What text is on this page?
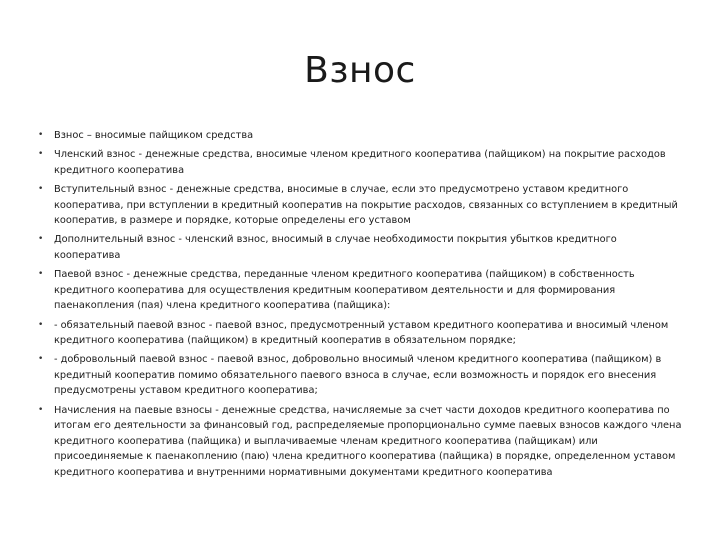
Взнос
• Взнос – вносимые пайщиком средства
• Членский взнос - денежные средства, вносимые членом кредитного кооператива (пайщиком) на покрытие расходов кредитного кооператива
• Вступительный взнос - денежные средства, вносимые в случае, если это предусмотрено уставом кредитного кооператива, при вступлении в кредитный кооператив на покрытие расходов, связанных со вступлением в кредитный кооператив, в размере и порядке, которые определены его уставом
• Дополнительный взнос - членский взнос, вносимый в случае необходимости покрытия убытков кредитного кооператива
• Паевой взнос - денежные средства, переданные членом кредитного кооператива (пайщиком) в собственность кредитного кооператива для осуществления кредитным кооперативом деятельности и для формирования паенакопления (пая) члена кредитного кооператива (пайщика):
• - обязательный паевой взнос - паевой взнос, предусмотренный уставом кредитного кооператива и вносимый членом кредитного кооператива (пайщиком) в кредитный кооператив в обязательном порядке;
• - добровольный паевой взнос - паевой взнос, добровольно вносимый членом кредитного кооператива (пайщиком) в кредитный кооператив помимо обязательного паевого взноса в случае, если возможность и порядок его внесения предусмотрены уставом кредитного кооператива;
• Начисления на паевые взносы - денежные средства, начисляемые за счет части доходов кредитного кооператива по итогам его деятельности за финансовый год, распределяемые пропорционально сумме паевых взносов каждого члена кредитного кооператива (пайщика) и выплачиваемые членам кредитного кооператива (пайщикам) или присоединяемые к паенакоплению (паю) члена кредитного кооператива (пайщика) в порядке, определенном уставом кредитного кооператива и внутренними нормативными документами кредитного кооператива
